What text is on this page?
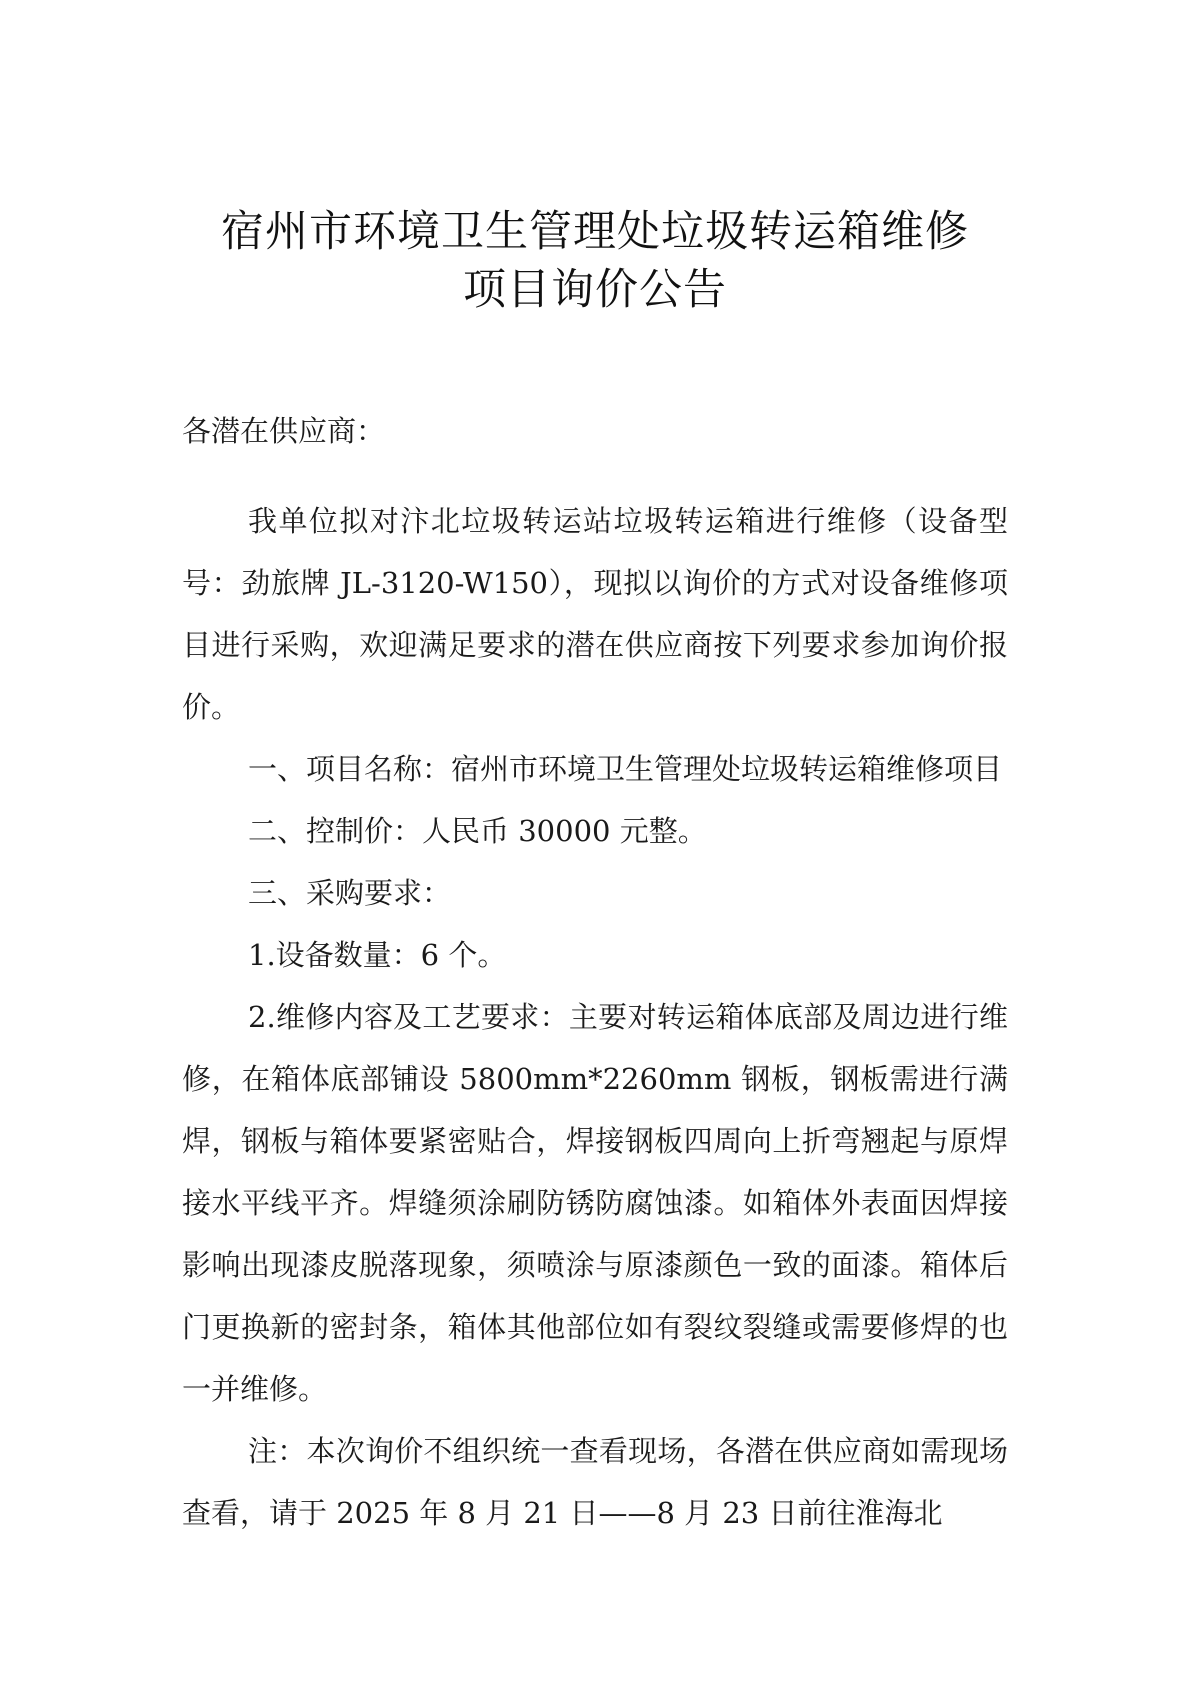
宿州市环境卫生管理处垃圾转运箱维修
项目询价公告

各潜在供应商：

我单位拟对汴北垃圾转运站垃圾转运箱进行维修（设备型号：劲旅牌 JL-3120-W150），现拟以询价的方式对设备维修项目进行采购，欢迎满足要求的潜在供应商按下列要求参加询价报价。

一、项目名称：宿州市环境卫生管理处垃圾转运箱维修项目

二、控制价：人民币 30000 元整。

三、采购要求：

1.设备数量：6 个。

2.维修内容及工艺要求：主要对转运箱体底部及周边进行维修，在箱体底部铺设 5800mm*2260mm 钢板，钢板需进行满焊，钢板与箱体要紧密贴合，焊接钢板四周向上折弯翘起与原焊接水平线平齐。焊缝须涂刷防锈防腐蚀漆。如箱体外表面因焊接影响出现漆皮脱落现象，须喷涂与原漆颜色一致的面漆。箱体后门更换新的密封条，箱体其他部位如有裂纹裂缝或需要修焊的也一并维修。

注：本次询价不组织统一查看现场，各潜在供应商如需现场查看，请于 2025 年 8 月 21 日——8 月 23 日前往淮海北
